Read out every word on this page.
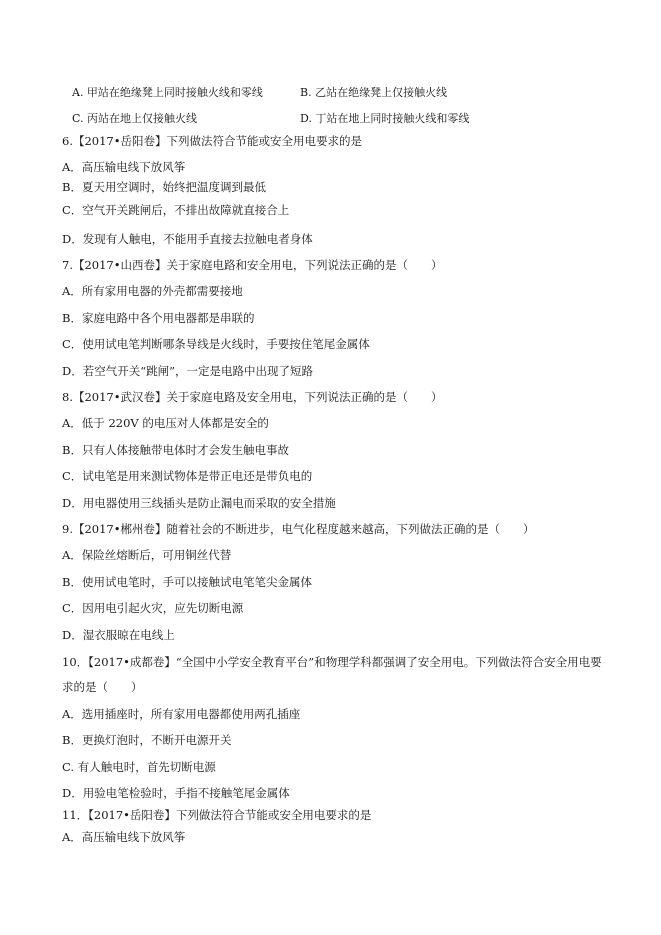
A. 甲站在绝缘凳上同时接触火线和零线	B. 乙站在绝缘凳上仅接触火线
C. 丙站在地上仅接触火线	D. 丁站在地上同时接触火线和零线
6.【2017•岳阳卷】下列做法符合节能或安全用电要求的是
A．高压输电线下放风筝
B．夏天用空调时，始终把温度调到最低
C．空气开关跳闸后，不排出故障就直接合上
D．发现有人触电，不能用手直接去拉触电者身体
7.【2017•山西卷】关于家庭电路和安全用电，下列说法正确的是（　　）
A．所有家用电器的外壳都需要接地
B．家庭电路中各个用电器都是串联的
C．使用试电笔判断哪条导线是火线时，手要按住笔尾金属体
D．若空气开关“跳闸”，一定是电路中出现了短路
8.【2017•武汉卷】关于家庭电路及安全用电，下列说法正确的是（　　）
A．低于 220V 的电压对人体都是安全的
B．只有人体接触带电体时才会发生触电事故
C．试电笔是用来测试物体是带正电还是带负电的
D．用电器使用三线插头是防止漏电而采取的安全措施
9.【2017•郴州卷】随着社会的不断进步，电气化程度越来越高，下列做法正确的是（　　）
A．保险丝熔断后，可用铜丝代替
B．使用试电笔时，手可以接触试电笔笔尖金属体
C．因用电引起火灾，应先切断电源
D．湿衣服晾在电线上
10．【2017•成都卷】“全国中小学安全教育平台”和物理学科都强调了安全用电。下列做法符合安全用电要
求的是（　　）
A．选用插座时，所有家用电器都使用两孔插座
B．更换灯泡时，不断开电源开关
C. 有人触电时，首先切断电源
D．用验电笔检验时，手指不接触笔尾金属体
11．【2017•岳阳卷】下列做法符合节能或安全用电要求的是
A．高压输电线下放风筝
